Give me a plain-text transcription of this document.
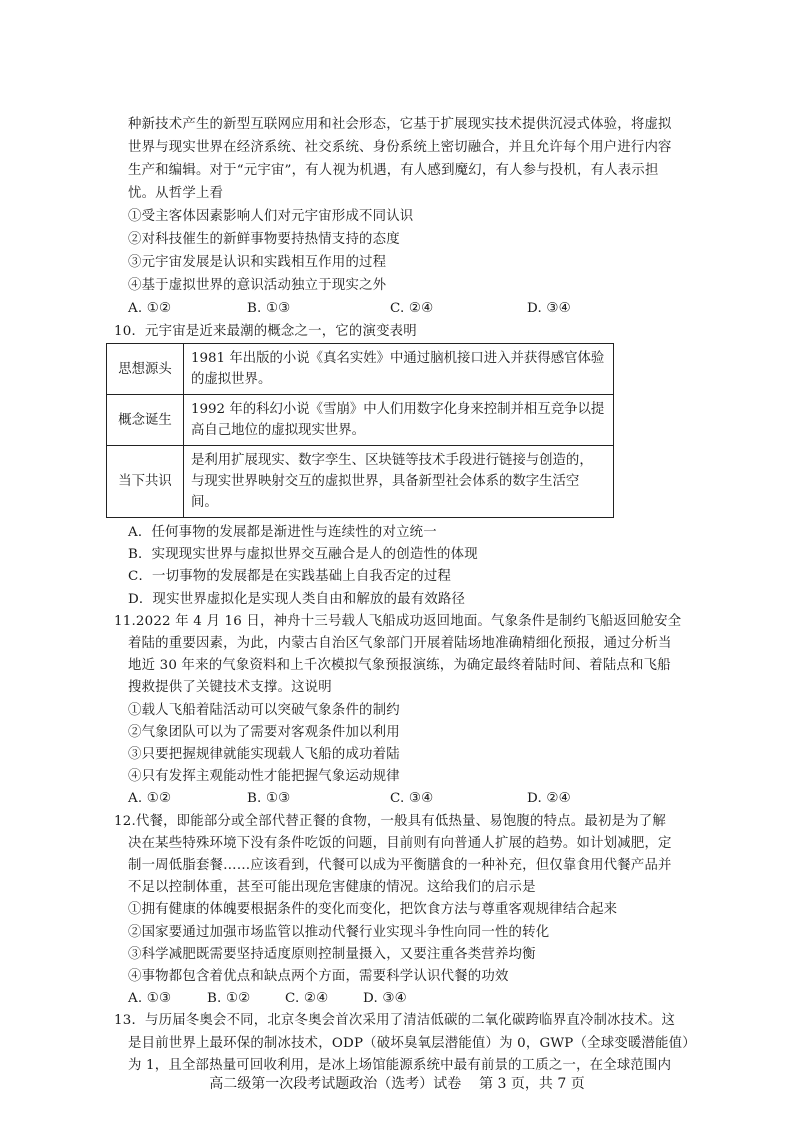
种新技术产生的新型互联网应用和社会形态，它基于扩展现实技术提供沉浸式体验，将虚拟
世界与现实世界在经济系统、社交系统、身份系统上密切融合，并且允许每个用户进行内容
生产和编辑。对于“元宇宙”，有人视为机遇，有人感到魔幻，有人参与投机，有人表示担
忧。从哲学上看
①受主客体因素影响人们对元宇宙形成不同认识
②对科技催生的新鲜事物要持热情支持的态度
③元宇宙发展是认识和实践相互作用的过程
④基于虚拟世界的意识活动独立于现实之外
A. ①②	B. ①③	C. ②④	D. ③④
10．元宇宙是近来最潮的概念之一，它的演变表明
思想源头	1981 年出版的小说《真名实姓》中通过脑机接口进入并获得感官体验的虚拟世界。
概念诞生	1992 年的科幻小说《雪崩》中人们用数字化身来控制并相互竞争以提高自己地位的虚拟现实世界。
当下共识	是利用扩展现实、数字孪生、区块链等技术手段进行链接与创造的，与现实世界映射交互的虚拟世界，具备新型社会体系的数字生活空间。
A．任何事物的发展都是渐进性与连续性的对立统一
B．实现现实世界与虚拟世界交互融合是人的创造性的体现
C．一切事物的发展都是在实践基础上自我否定的过程
D．现实世界虚拟化是实现人类自由和解放的最有效路径
11.2022 年 4 月 16 日，神舟十三号载人飞船成功返回地面。气象条件是制约飞船返回舱安全
着陆的重要因素，为此，内蒙古自治区气象部门开展着陆场地准确精细化预报，通过分析当
地近 30 年来的气象资料和上千次模拟气象预报演练，为确定最终着陆时间、着陆点和飞船
搜救提供了关键技术支撑。这说明
①载人飞船着陆活动可以突破气象条件的制约
②气象团队可以为了需要对客观条件加以利用
③只要把握规律就能实现载人飞船的成功着陆
④只有发挥主观能动性才能把握气象运动规律
A. ①②	B. ①③	C. ③④	D. ②④
12.代餐，即能部分或全部代替正餐的食物，一般具有低热量、易饱腹的特点。最初是为了解
决在某些特殊环境下没有条件吃饭的问题，目前则有向普通人扩展的趋势。如计划减肥，定
制一周低脂套餐……应该看到，代餐可以成为平衡膳食的一种补充，但仅靠食用代餐产品并
不足以控制体重，甚至可能出现危害健康的情况。这给我们的启示是
①拥有健康的体魄要根据条件的变化而变化，把饮食方法与尊重客观规律结合起来
②国家要通过加强市场监管以推动代餐行业实现斗争性向同一性的转化
③科学减肥既需要坚持适度原则控制量摄入，又要注重各类营养均衡
④事物都包含着优点和缺点两个方面，需要科学认识代餐的功效
A. ①③	B. ①②	C. ②④	D. ③④
13．与历届冬奥会不同，北京冬奥会首次采用了清洁低碳的二氧化碳跨临界直冷制冰技术。这
是目前世界上最环保的制冰技术，ODP（破坏臭氧层潜能值）为 0，GWP（全球变暖潜能值）
为 1，且全部热量可回收利用，是冰上场馆能源系统中最有前景的工质之一，在全球范围内
高二级第一次段考试题政治（选考）试卷    第 3 页，共 7 页
